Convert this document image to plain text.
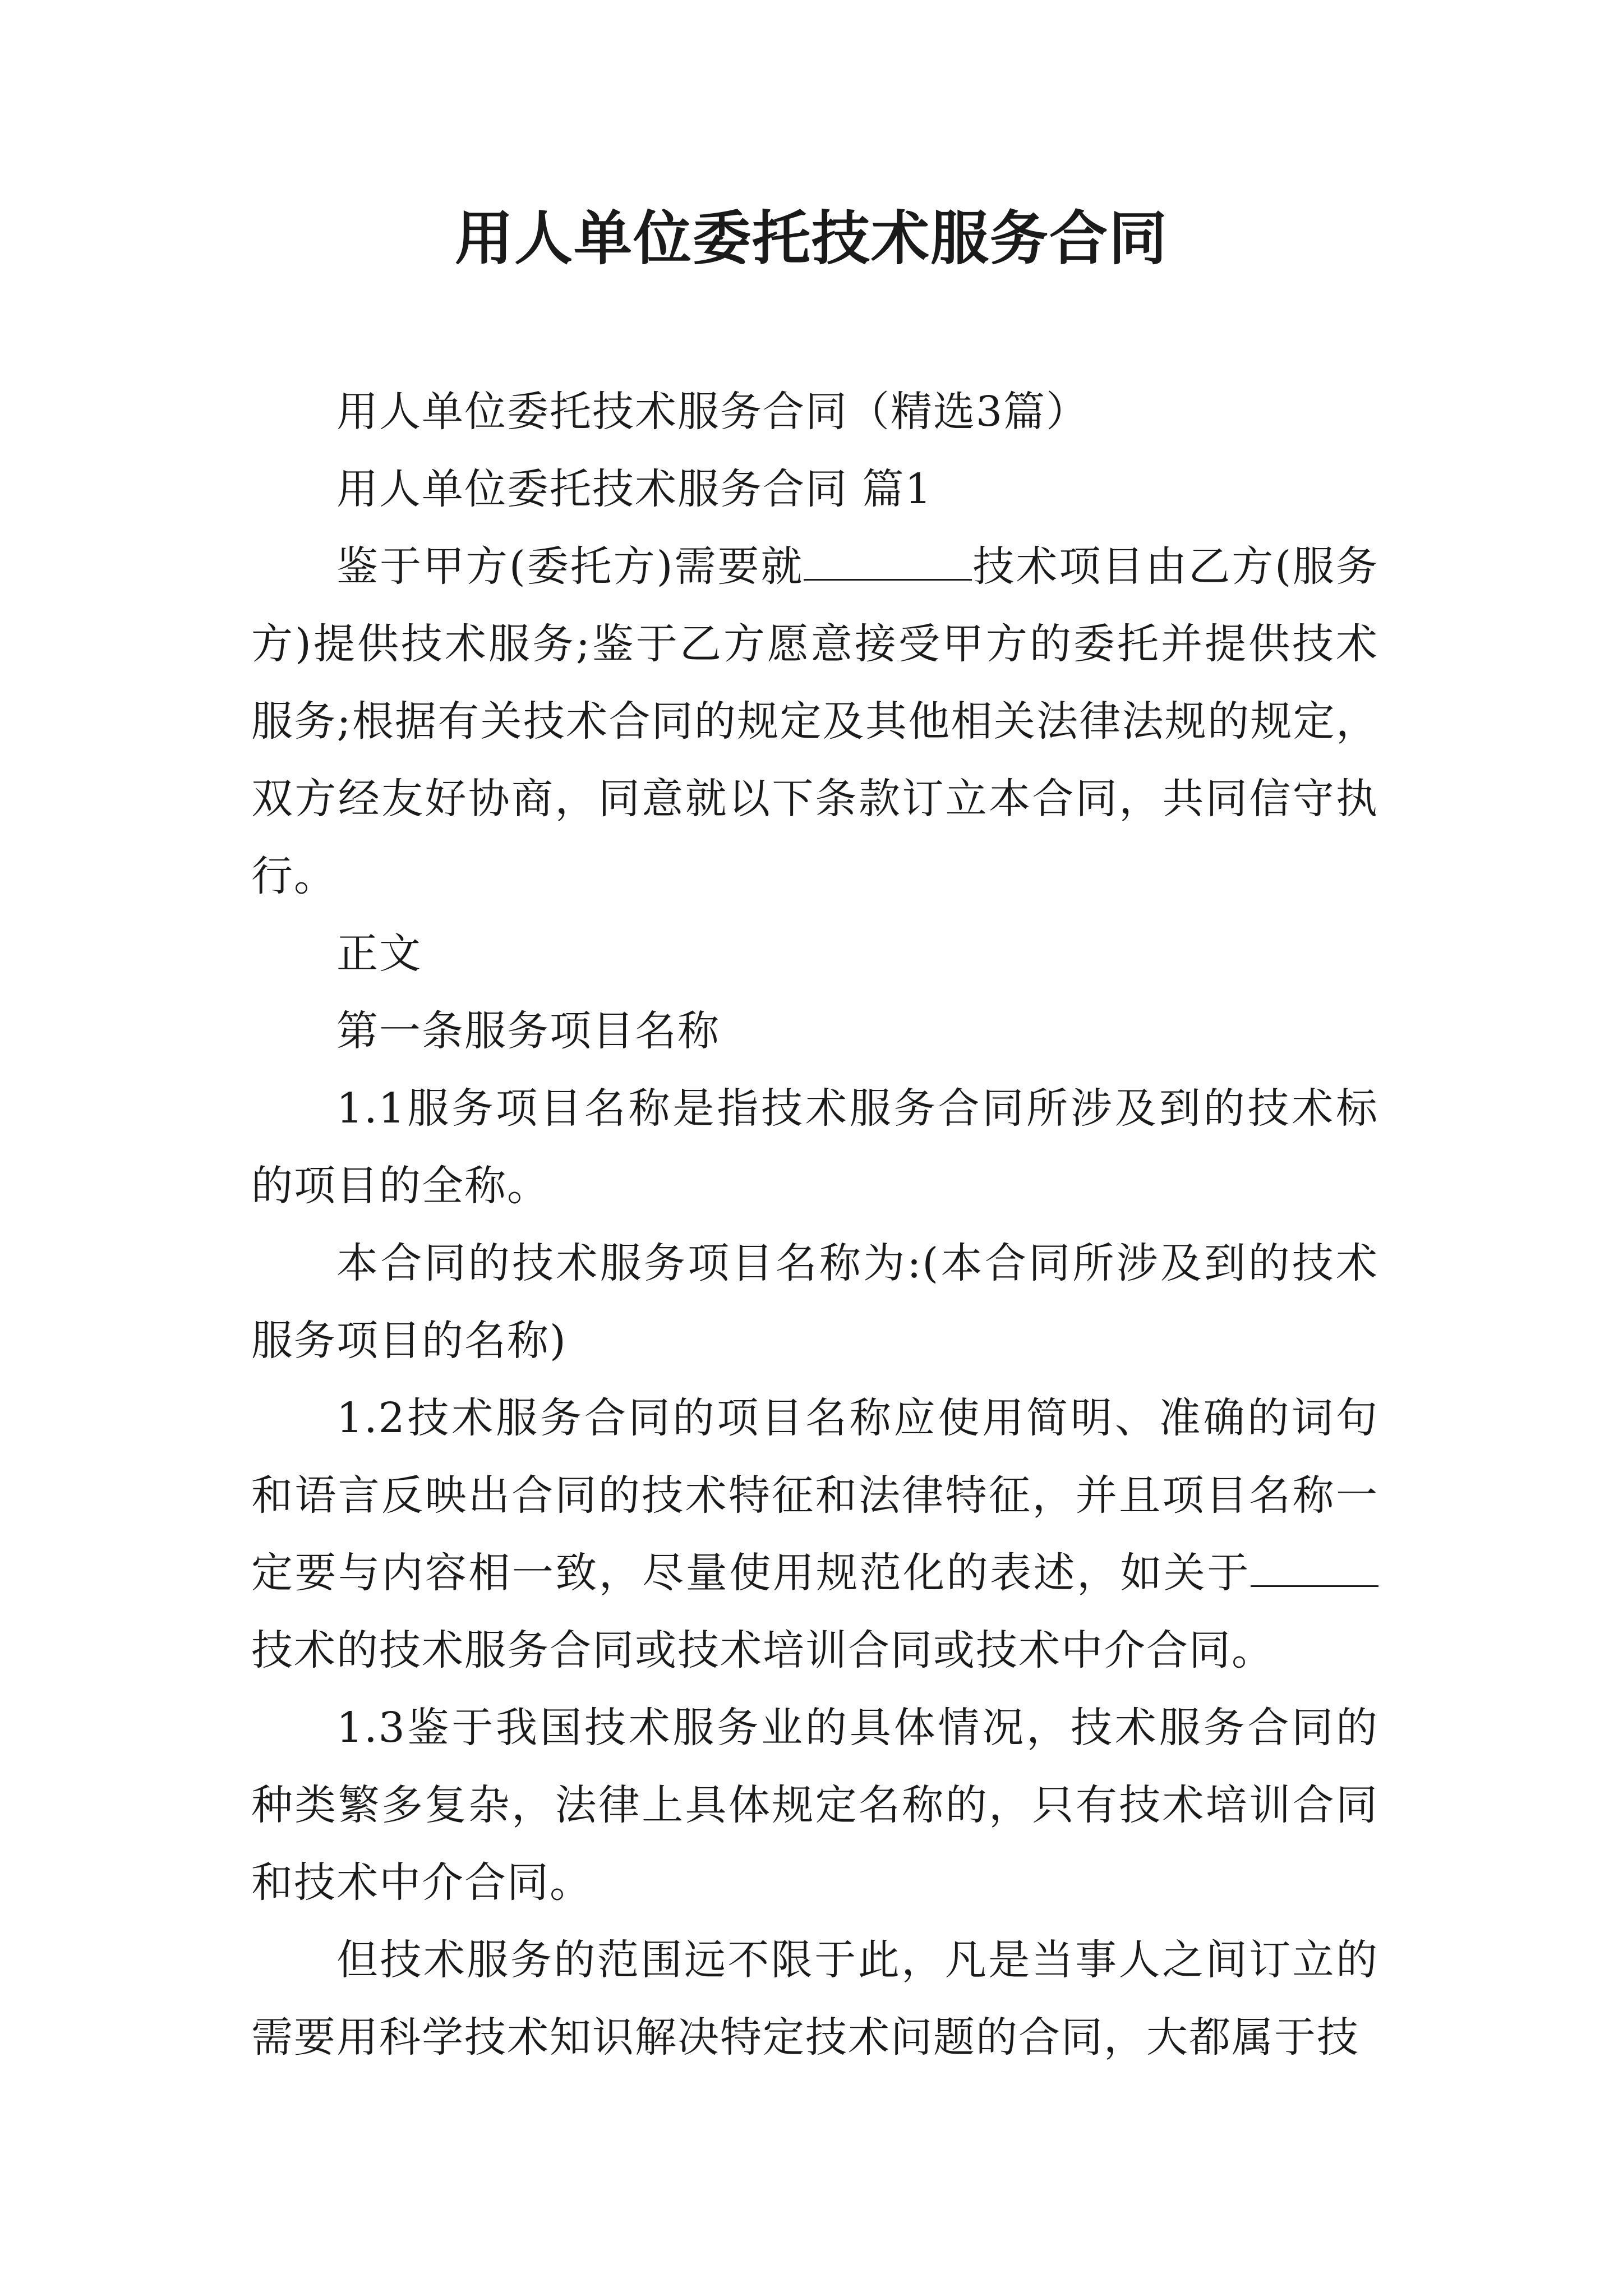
用人单位委托技术服务合同

用人单位委托技术服务合同（精选3篇）

用人单位委托技术服务合同 篇1

鉴于甲方(委托方)需要就	技术项目由乙方(服务方)提供技术服务;鉴于乙方愿意接受甲方的委托并提供技术服务;根据有关技术合同的规定及其他相关法律法规的规定，双方经友好协商，同意就以下条款订立本合同，共同信守执行。

正文

第一条服务项目名称

1.1服务项目名称是指技术服务合同所涉及到的技术标的项目的全称。

本合同的技术服务项目名称为:(本合同所涉及到的技术服务项目的名称)

1.2技术服务合同的项目名称应使用简明、准确的词句和语言反映出合同的技术特征和法律特征，并且项目名称一定要与内容相一致，尽量使用规范化的表述，如关于技术的技术服务合同或技术培训合同或技术中介合同。

1.3鉴于我国技术服务业的具体情况，技术服务合同的种类繁多复杂，法律上具体规定名称的，只有技术培训合同和技术中介合同。

但技术服务的范围远不限于此，凡是当事人之间订立的需要用科学技术知识解决特定技术问题的合同，大都属于技
